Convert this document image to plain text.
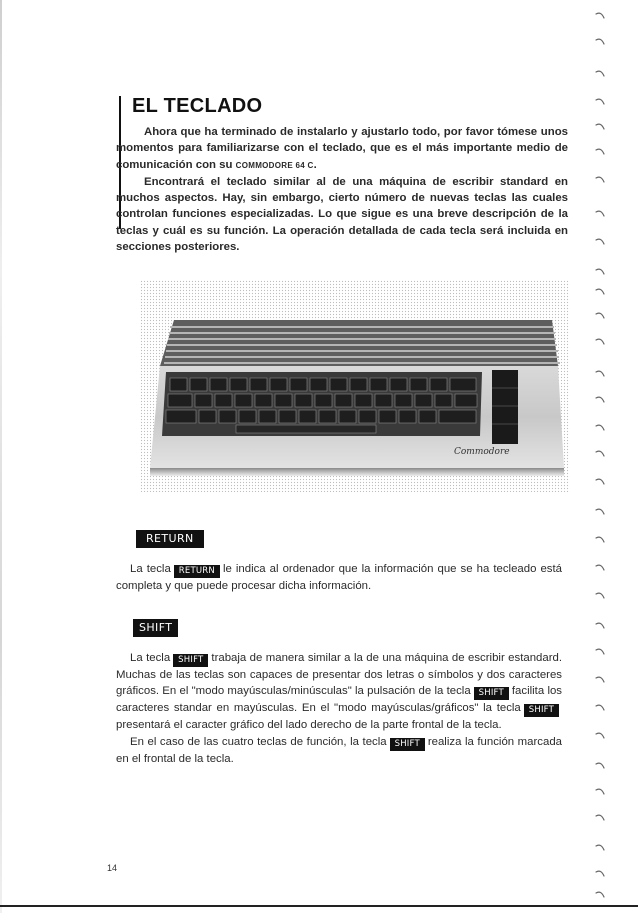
EL TECLADO

Ahora que ha terminado de instalarlo y ajustarlo todo, por favor tómese unos momentos para familiarizarse con el teclado, que es el más importante medio de comunicación con su COMMODORE 64 C.

Encontrará el teclado similar al de una máquina de escribir standard en muchos aspectos. Hay, sin embargo, cierto número de nuevas teclas las cuales controlan funciones especializadas. Lo que sigue es una breve descripción de la teclas y cuál es su función. La operación detallada de cada tecla será incluida en secciones posteriores.

Commodore
RETURN

La tecla RETURN le indica al ordenador que la información que se ha tecleado está completa y que puede procesar dicha información.

SHIFT

La tecla SHIFT trabaja de manera similar a la de una máquina de escribir estandard. Muchas de las teclas son capaces de presentar dos letras o símbolos y dos caracteres gráficos. En el "modo mayúsculas/minúsculas" la pulsación de la tecla SHIFT facilita los caracteres standar en mayúsculas. En el "modo mayúsculas/gráficos" la tecla SHIFTpresentará el caracter gráfico del lado derecho de la parte frontal de la tecla.

En el caso de las cuatro teclas de función, la tecla SHIFT realiza la función marcada en el frontal de la tecla.

14
